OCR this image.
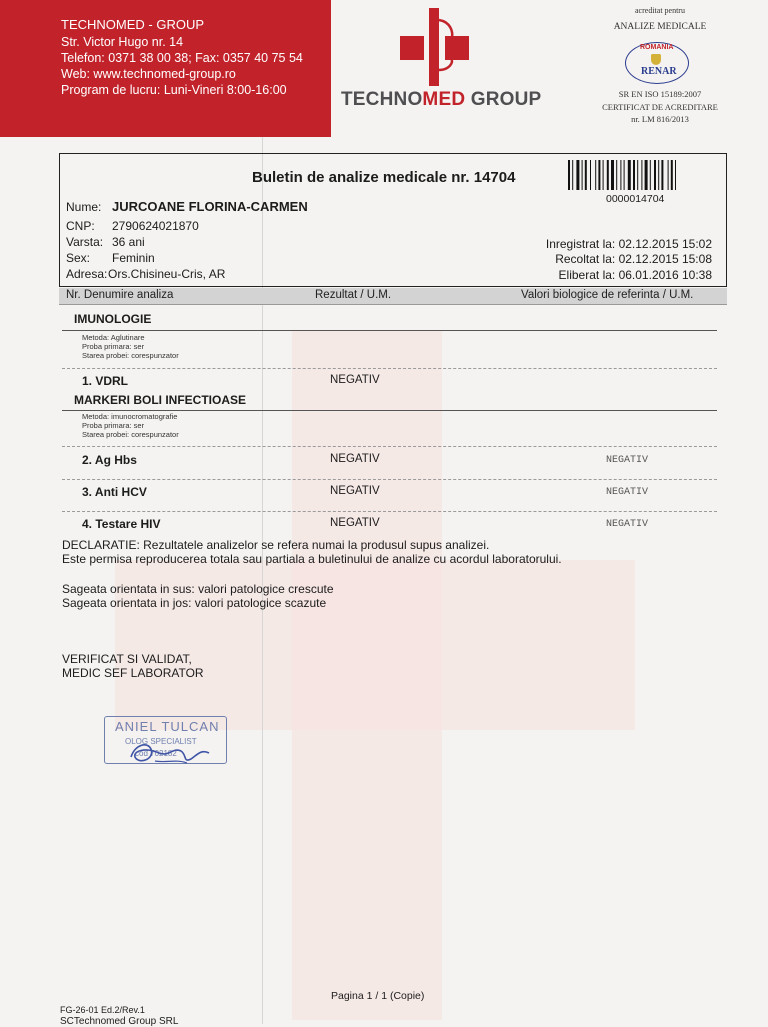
TECHNOMED - GROUP
Str. Victor Hugo nr. 14
Telefon: 0371 38 00 38; Fax: 0357 40 75 54
Web: www.technomed-group.ro
Program de lucru: Luni-Vineri 8:00-16:00	TECHNOMED GROUP
acreditat pentru
ANALIZE MEDICALE
ROMANIA
RENAR
SR EN ISO 15189:2007
CERTIFICAT DE ACREDITARE
nr. LM 816/2013
Buletin de analize medicale nr. 14704
0000014704
Nume: JURCOANE FLORINA-CARMEN
CNP: 2790624021870
Varsta: 36 ani
Sex: Feminin
Adresa: Ors.Chisineu-Cris, AR
Inregistrat la: 02.12.2015 15:02
Recoltat la: 02.12.2015 15:08
Eliberat la: 06.01.2016 10:38
Nr. Denumire analiza	Rezultat / U.M.	Valori biologice de referinta / U.M.
IMUNOLOGIE
Metoda: Aglutinare
Proba primara: ser
Starea probei: corespunzator
1. VDRL	NEGATIV
MARKERI BOLI INFECTIOASE
Metoda: imunocromatografie
Proba primara: ser
Starea probei: corespunzator
2. Ag Hbs	NEGATIV	NEGATIV
3. Anti HCV	NEGATIV	NEGATIV
4. Testare HIV	NEGATIV	NEGATIV
DECLARATIE: Rezultatele analizelor se refera numai la produsul supus analizei.
Este permisa reproducerea totala sau partiala a buletinului de analize cu acordul laboratorului.
Sageata orientata in sus: valori patologice crescute
Sageata orientata in jos: valori patologice scazute
VERIFICAT SI VALIDAT,
MEDIC SEF LABORATOR
ANIEL TULCAN
OLOG SPECIALIST
cod 702182
Pagina 1 / 1 (Copie)
FG-26-01 Ed.2/Rev.1
SCTechnomed Group SRL
